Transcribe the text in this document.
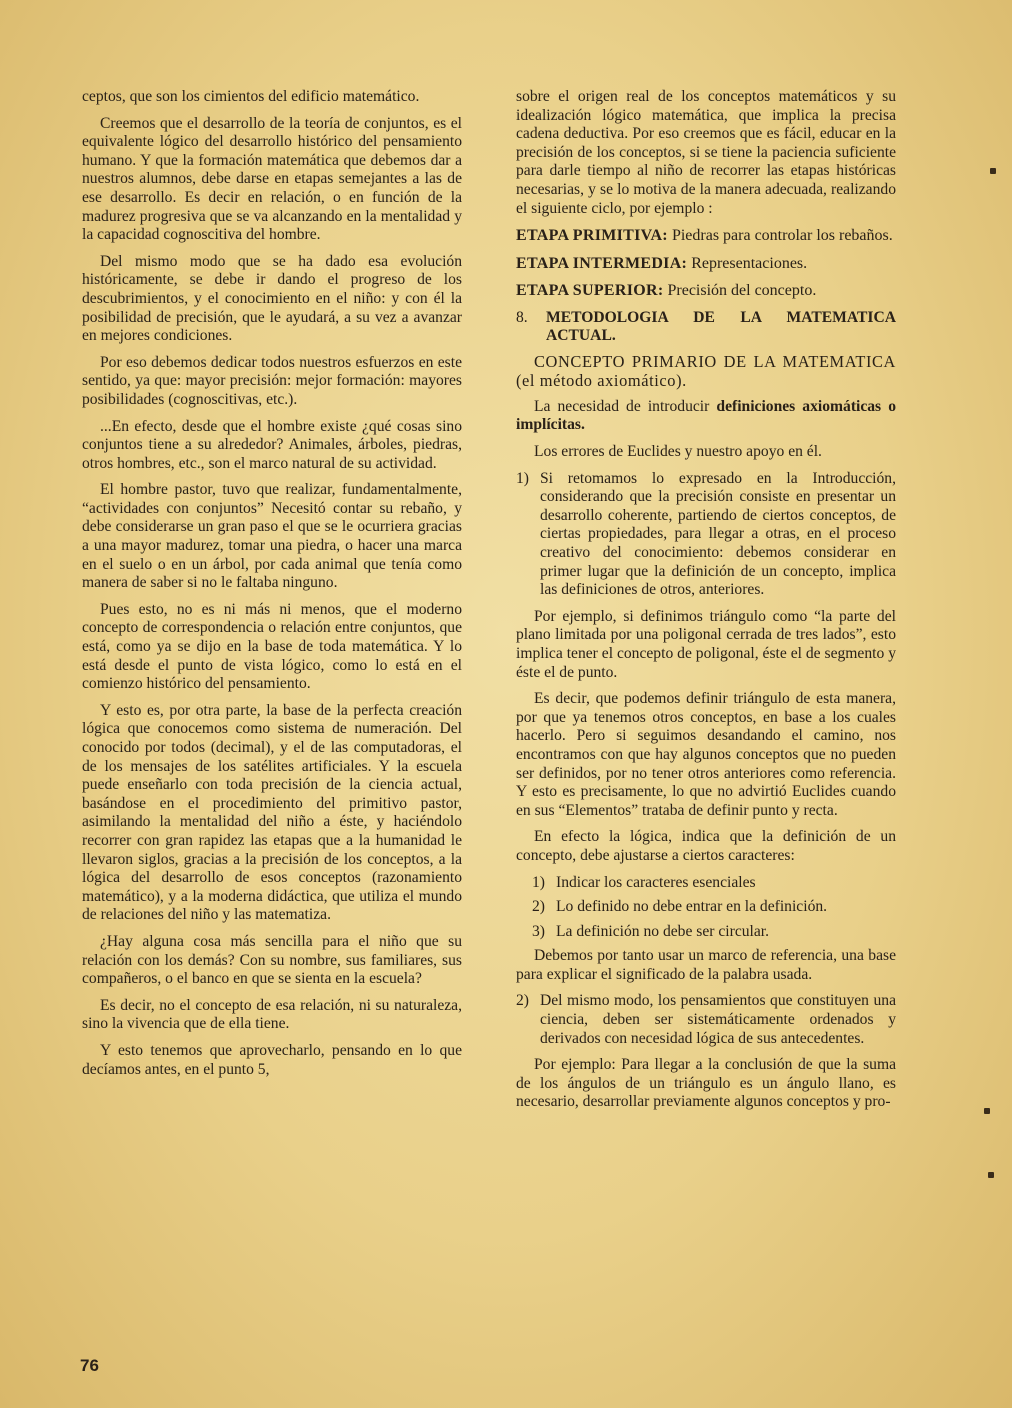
ceptos, que son los cimientos del edificio matemático.

Creemos que el desarrollo de la teoría de conjuntos, es el equivalente lógico del desarrollo histórico del pensamiento humano. Y que la formación matemática que debemos dar a nuestros alumnos, debe darse en etapas semejantes a las de ese desarrollo. Es decir en relación, o en función de la madurez progresiva que se va alcanzando en la mentalidad y la capacidad cognoscitiva del hombre.

Del mismo modo que se ha dado esa evolución históricamente, se debe ir dando el progreso de los descubrimientos, y el conocimiento en el niño: y con él la posibilidad de precisión, que le ayudará, a su vez a avanzar en mejores condiciones.

Por eso debemos dedicar todos nuestros esfuerzos en este sentido, ya que: mayor precisión: mejor formación: mayores posibilidades (cognoscitivas, etc.).

...En efecto, desde que el hombre existe ¿qué cosas sino conjuntos tiene a su alrededor? Animales, árboles, piedras, otros hombres, etc., son el marco natural de su actividad.

El hombre pastor, tuvo que realizar, fundamentalmente, “actividades con conjuntos” Necesitó contar su rebaño, y debe considerarse un gran paso el que se le ocurriera gracias a una mayor madurez, tomar una piedra, o hacer una marca en el suelo o en un árbol, por cada animal que tenía como manera de saber si no le faltaba ninguno.

Pues esto, no es ni más ni menos, que el moderno concepto de correspondencia o relación entre conjuntos, que está, como ya se dijo en la base de toda matemática. Y lo está desde el punto de vista lógico, como lo está en el comienzo histórico del pensamiento.

Y esto es, por otra parte, la base de la perfecta creación lógica que conocemos como sistema de numeración. Del conocido por todos (decimal), y el de las computadoras, el de los mensajes de los satélites artificiales. Y la escuela puede enseñarlo con toda precisión de la ciencia actual, basándose en el procedimiento del primitivo pastor, asimilando la mentalidad del niño a éste, y haciéndolo recorrer con gran rapidez las etapas que a la humanidad le llevaron siglos, gracias a la precisión de los conceptos, a la lógica del desarrollo de esos conceptos (razonamiento matemático), y a la moderna didáctica, que utiliza el mundo de relaciones del niño y las matematiza.

¿Hay alguna cosa más sencilla para el niño que su relación con los demás? Con su nombre, sus familiares, sus compañeros, o el banco en que se sienta en la escuela?

Es decir, no el concepto de esa relación, ni su naturaleza, sino la vivencia que de ella tiene.

Y esto tenemos que aprovecharlo, pensando en lo que decíamos antes, en el punto 5,

sobre el origen real de los conceptos matemáticos y su idealización lógico matemática, que implica la precisa cadena deductiva. Por eso creemos que es fácil, educar en la precisión de los conceptos, si se tiene la paciencia suficiente para darle tiempo al niño de recorrer las etapas históricas necesarias, y se lo motiva de la manera adecuada, realizando el siguiente ciclo, por ejemplo :

ETAPA PRIMITIVA: Piedras para controlar los rebaños.

ETAPA INTERMEDIA: Representaciones.

ETAPA SUPERIOR: Precisión del concepto.

8. METODOLOGIA DE LA MATEMATICA ACTUAL.

CONCEPTO PRIMARIO DE LA MATEMATICA (el método axiomático).

La necesidad de introducir definiciones axiomáticas o implícitas.

Los errores de Euclides y nuestro apoyo en él.

1) Si retomamos lo expresado en la Introducción, considerando que la precisión consiste en presentar un desarrollo coherente, partiendo de ciertos conceptos, de ciertas propiedades, para llegar a otras, en el proceso creativo del conocimiento: debemos considerar en primer lugar que la definición de un concepto, implica las definiciones de otros, anteriores.

Por ejemplo, si definimos triángulo como “la parte del plano limitada por una poligonal cerrada de tres lados”, esto implica tener el concepto de poligonal, éste el de segmento y éste el de punto.

Es decir, que podemos definir triángulo de esta manera, por que ya tenemos otros conceptos, en base a los cuales hacerlo. Pero si seguimos desandando el camino, nos encontramos con que hay algunos conceptos que no pueden ser definidos, por no tener otros anteriores como referencia. Y esto es precisamente, lo que no advirtió Euclides cuando en sus “Elementos” trataba de definir punto y recta.

En efecto la lógica, indica que la definición de un concepto, debe ajustarse a ciertos caracteres:

1) Indicar los caracteres esenciales

2) Lo definido no debe entrar en la definición.

3) La definición no debe ser circular.

Debemos por tanto usar un marco de referencia, una base para explicar el significado de la palabra usada.

2) Del mismo modo, los pensamientos que constituyen una ciencia, deben ser sistemáticamente ordenados y derivados con necesidad lógica de sus antecedentes.

Por ejemplo: Para llegar a la conclusión de que la suma de los ángulos de un triángulo es un ángulo llano, es necesario, desarrollar previamente algunos conceptos y pro-

76
